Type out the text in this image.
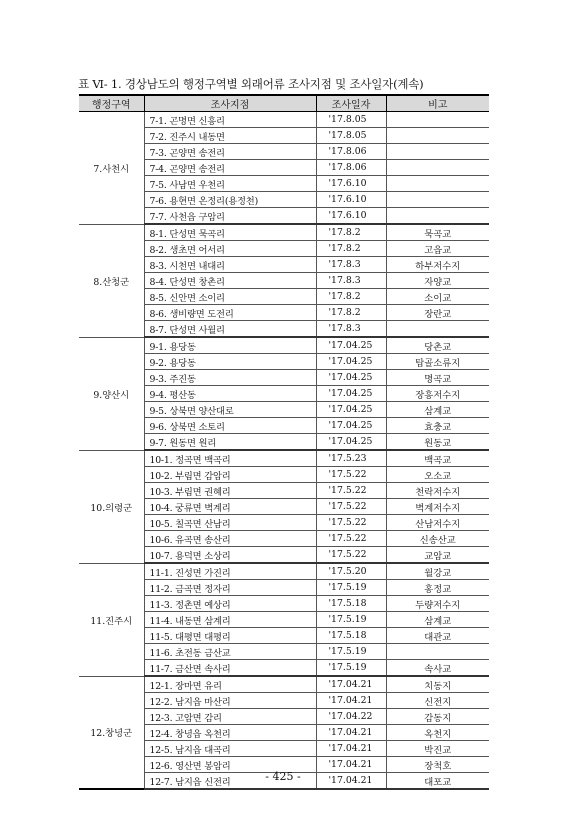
표 Ⅵ- 1. 경상남도의 행정구역별 외래어류 조사지점 및 조사일자(계속)
행정구역	조사지점	조사일자	비고
7.사천시	7-1. 곤명면 신흥리	'17.8.05	
	7-2. 진주시 내동면	'17.8.05	
	7-3. 곤양면 송전리	'17.8.06	
	7-4. 곤양면 송전리	'17.8.06	
	7-5. 사남면 우천리	'17.6.10	
	7-6. 용현면 온정리(용정천)	'17.6.10	
	7-7. 사천읍 구암리	'17.6.10	
8.산청군	8-1. 단성면 묵곡리	'17.8.2	묵곡교
	8-2. 생초면 어서리	'17.8.2	고읍교
	8-3. 시천면 내대리	'17.8.3	하부저수지
	8-4. 단성면 창촌리	'17.8.3	자양교
	8-5. 신안면 소이리	'17.8.2	소이교
	8-6. 생비량면 도전리	'17.8.2	장란교
	8-7. 단성면 사월리	'17.8.3	
9.양산시	9-1. 용당동	'17.04.25	당촌교
	9-2. 용당동	'17.04.25	탑골소류지
	9-3. 주진동	'17.04.25	명곡교
	9-4. 평산동	'17.04.25	장흥저수지
	9-5. 상북면 양산대로	'17.04.25	삼계교
	9-6. 상북면 소토리	'17.04.25	효충교
	9-7. 원동면 원리	'17.04.25	원동교
10.의령군	10-1. 정곡면 백곡리	'17.5.23	백곡교
	10-2. 부림면 감암리	'17.5.22	오소교
	10-3. 부림면 권혜리	'17.5.22	천락저수지
	10-4. 궁류면 벽계리	'17.5.22	벽계저수지
	10-5. 칠곡면 산남리	'17.5.22	산남저수지
	10-6. 유곡면 송산리	'17.5.22	신송산교
	10-7. 용덕면 소상리	'17.5.22	교암교
11.진주시	11-1. 진성면 가진리	'17.5.20	월강교
	11-2. 금곡면 정자리	'17.5.19	홍정교
	11-3. 정촌면 예상리	'17.5.18	두량저수지
	11-4. 내동면 삼계리	'17.5.19	삼계교
	11-5. 대평면 대평리	'17.5.18	대관교
	11-6. 초전동 금산교	'17.5.19	
	11-7. 금산면 속사리	'17.5.19	속사교
12.창녕군	12-1. 장마면 유리	'17.04.21	치동지
	12-2. 남지읍 마산리	'17.04.21	신전지
	12-3. 고암면 감리	'17.04.22	감동지
	12-4. 창녕읍 옥천리	'17.04.21	옥천지
	12-5. 남지읍 대곡리	'17.04.21	박진교
	12-6. 영산면 봉암리	'17.04.21	장척호
	12-7. 남지읍 신전리	'17.04.21	대포교
- 425 -
